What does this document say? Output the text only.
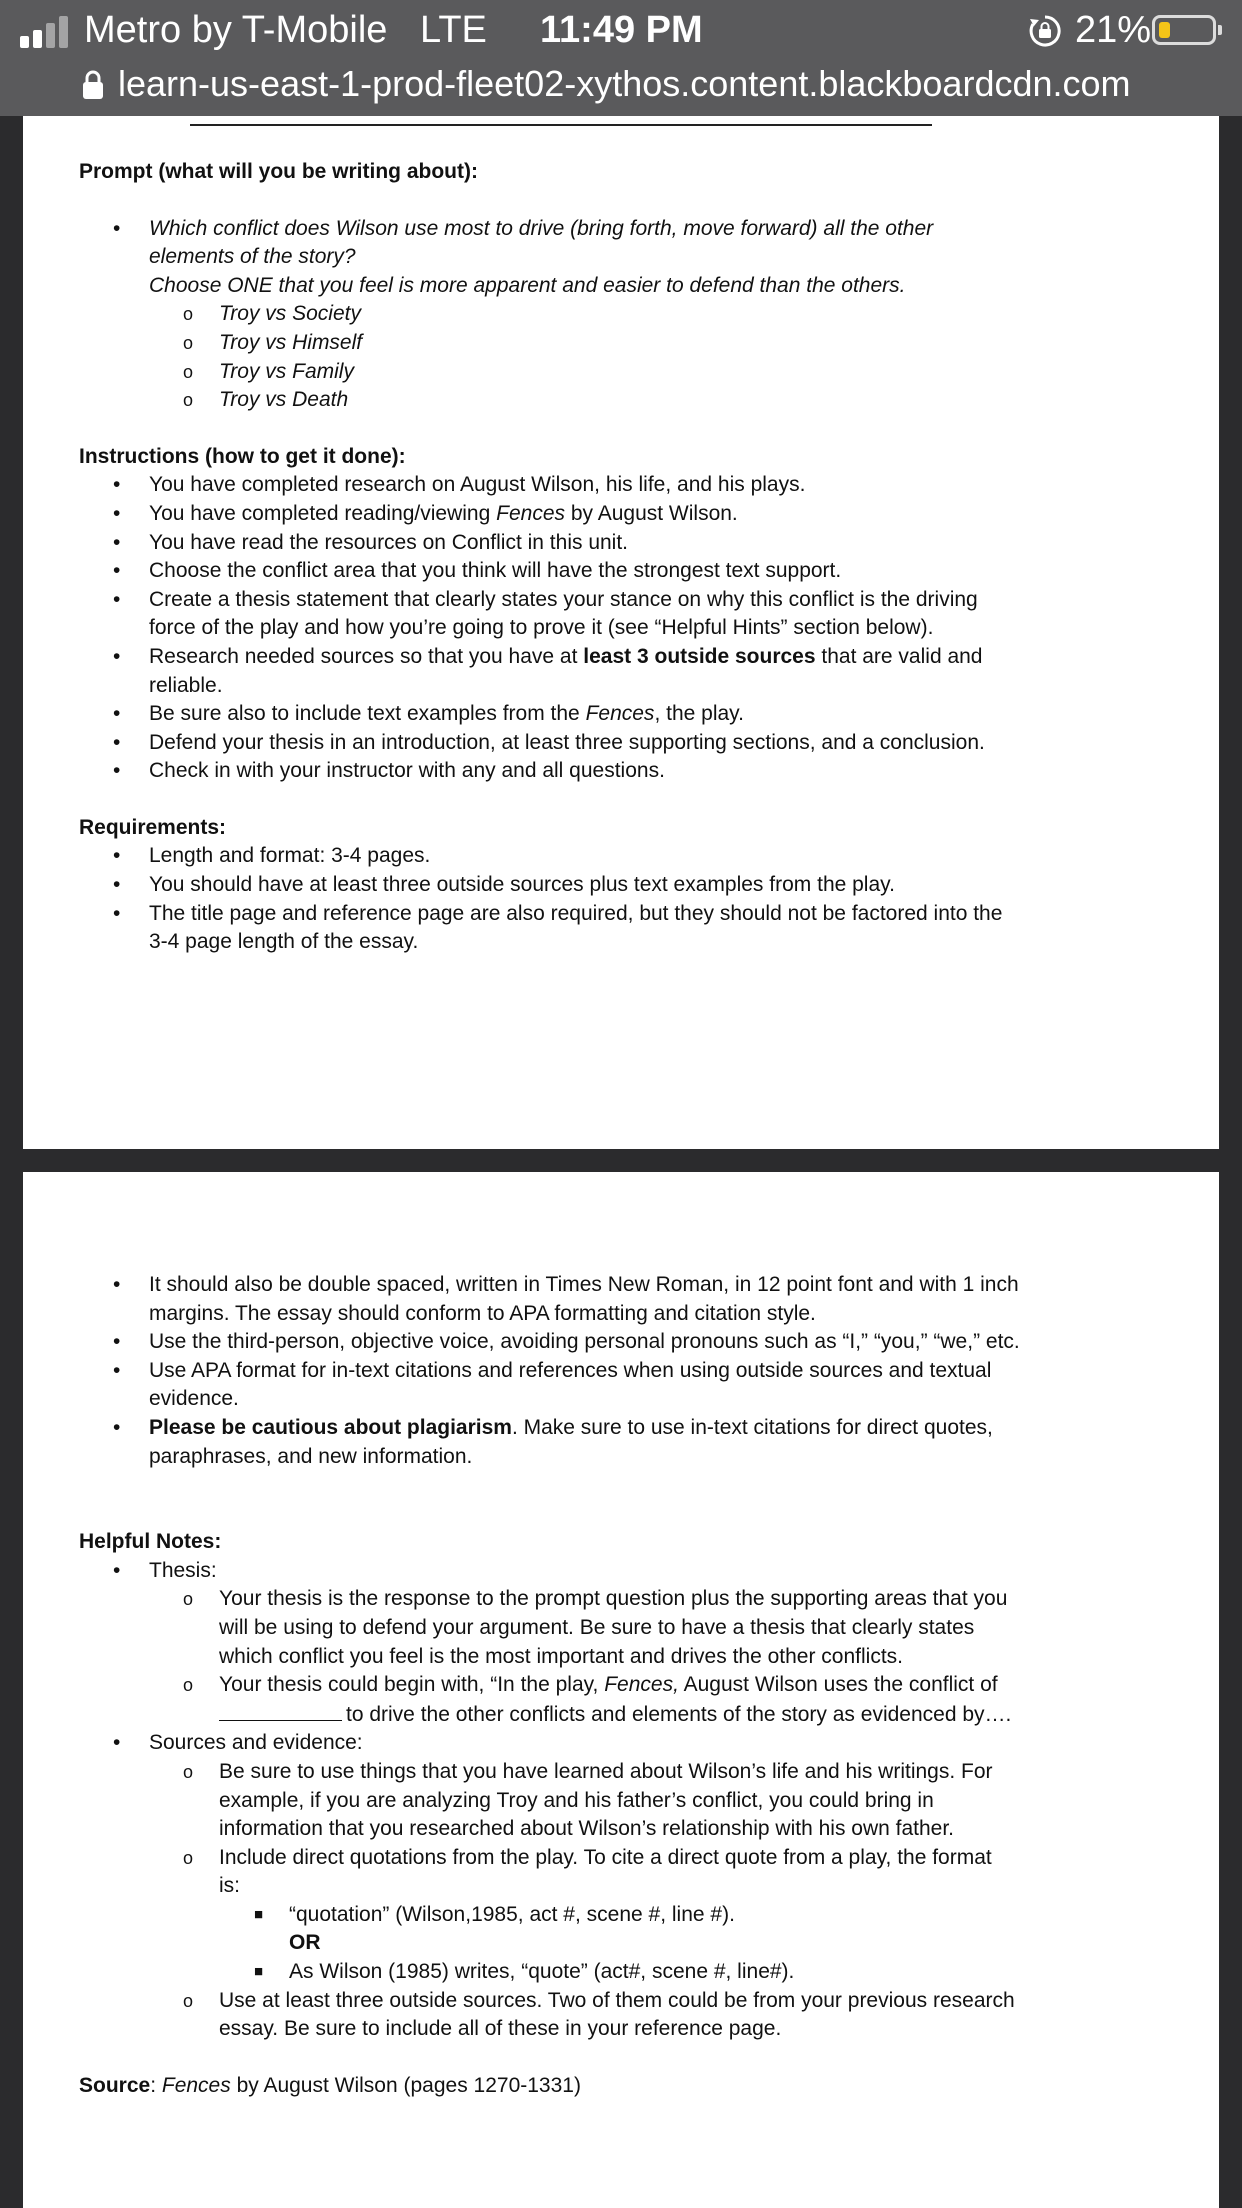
Metro by T-Mobile LTE 11:49 PM	21%
learn-us-east-1-prod-fleet02-xythos.content.blackboardcdn.com
Prompt (what will you be writing about):
• Which conflict does Wilson use most to drive (bring forth, move forward) all the other
elements of the story?
Choose ONE that you feel is more apparent and easier to defend than the others.
o Troy vs Society
o Troy vs Himself
o Troy vs Family
o Troy vs Death
Instructions (how to get it done):
• You have completed research on August Wilson, his life, and his plays.
• You have completed reading/viewing Fences by August Wilson.
• You have read the resources on Conflict in this unit.
• Choose the conflict area that you think will have the strongest text support.
• Create a thesis statement that clearly states your stance on why this conflict is the driving
force of the play and how you’re going to prove it (see “Helpful Hints” section below).
• Research needed sources so that you have at least 3 outside sources that are valid and
reliable.
• Be sure also to include text examples from the Fences, the play.
• Defend your thesis in an introduction, at least three supporting sections, and a conclusion.
• Check in with your instructor with any and all questions.
Requirements:
• Length and format: 3-4 pages.
• You should have at least three outside sources plus text examples from the play.
• The title page and reference page are also required, but they should not be factored into the
3-4 page length of the essay.
• It should also be double spaced, written in Times New Roman, in 12 point font and with 1 inch
margins. The essay should conform to APA formatting and citation style.
• Use the third-person, objective voice, avoiding personal pronouns such as “I,” “you,” “we,” etc.
• Use APA format for in-text citations and references when using outside sources and textual
evidence.
• Please be cautious about plagiarism. Make sure to use in-text citations for direct quotes,
paraphrases, and new information.
Helpful Notes:
• Thesis:
o Your thesis is the response to the prompt question plus the supporting areas that you
will be using to defend your argument. Be sure to have a thesis that clearly states
which conflict you feel is the most important and drives the other conflicts.
o Your thesis could begin with, “In the play, Fences, August Wilson uses the conflict of
to drive the other conflicts and elements of the story as evidenced by….
• Sources and evidence:
o Be sure to use things that you have learned about Wilson’s life and his writings. For
example, if you are analyzing Troy and his father’s conflict, you could bring in
information that you researched about Wilson’s relationship with his own father.
o Include direct quotations from the play. To cite a direct quote from a play, the format
is:
■ “quotation” (Wilson,1985, act #, scene #, line #).
OR
■ As Wilson (1985) writes, “quote” (act#, scene #, line#).
o Use at least three outside sources. Two of them could be from your previous research
essay. Be sure to include all of these in your reference page.
Source: Fences by August Wilson (pages 1270-1331)
